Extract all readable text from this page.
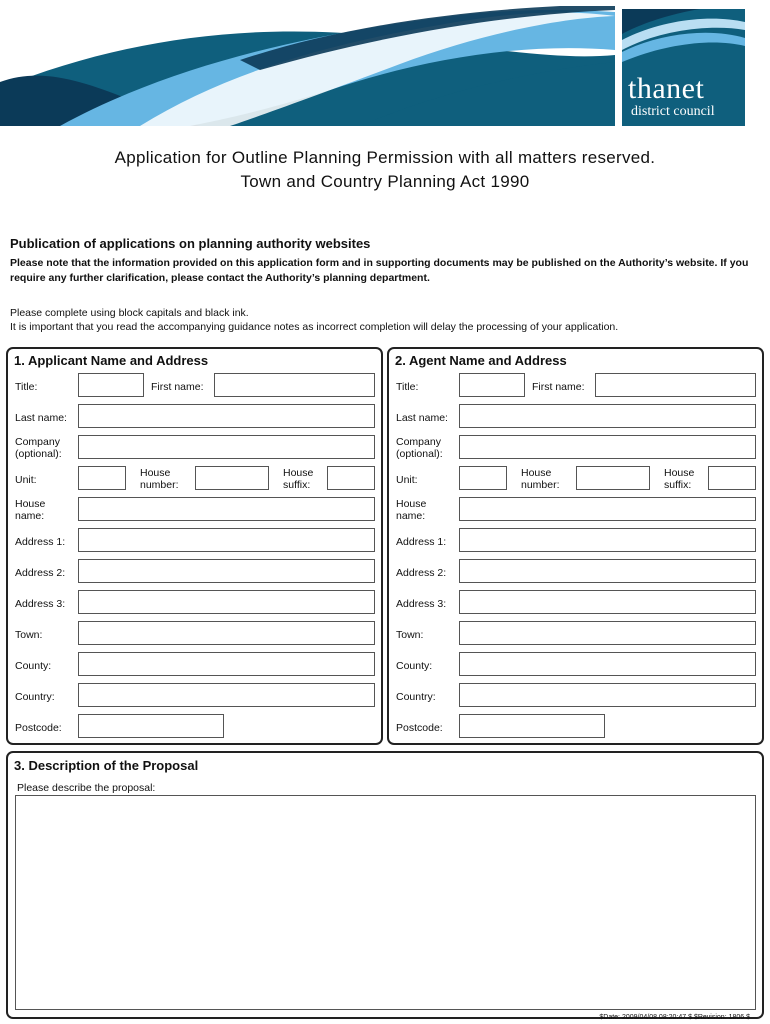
thanet
district council
Application for Outline Planning Permission with all matters reserved.
Town and Country Planning Act 1990
Publication of applications on planning authority websites
Please note that the information provided on this application form and in supporting documents may be published on the Authority’s website. If you require any further clarification, please contact the Authority’s planning department.
Please complete using block capitals and black ink.
It is important that you read the accompanying guidance notes as incorrect completion will delay the processing of your application.
1. Applicant Name and Address
Title:	First name:
Last name:
Company
(optional):
Unit:
House
number:
House
suffix:
House
name:
Address 1:
Address 2:
Address 3:
Town:
County:
Country:
Postcode:
2. Agent Name and Address
Title:	First name:
Last name:
Company
(optional):
Unit:
House
number:
House
suffix:
House
name:
Address 1:
Address 2:
Address 3:
Town:
County:
Country:
Postcode:
3. Description of the Proposal
Please describe the proposal:
$Date: 2009/04/08 08:20:47 $ $Revision: 1806 $
